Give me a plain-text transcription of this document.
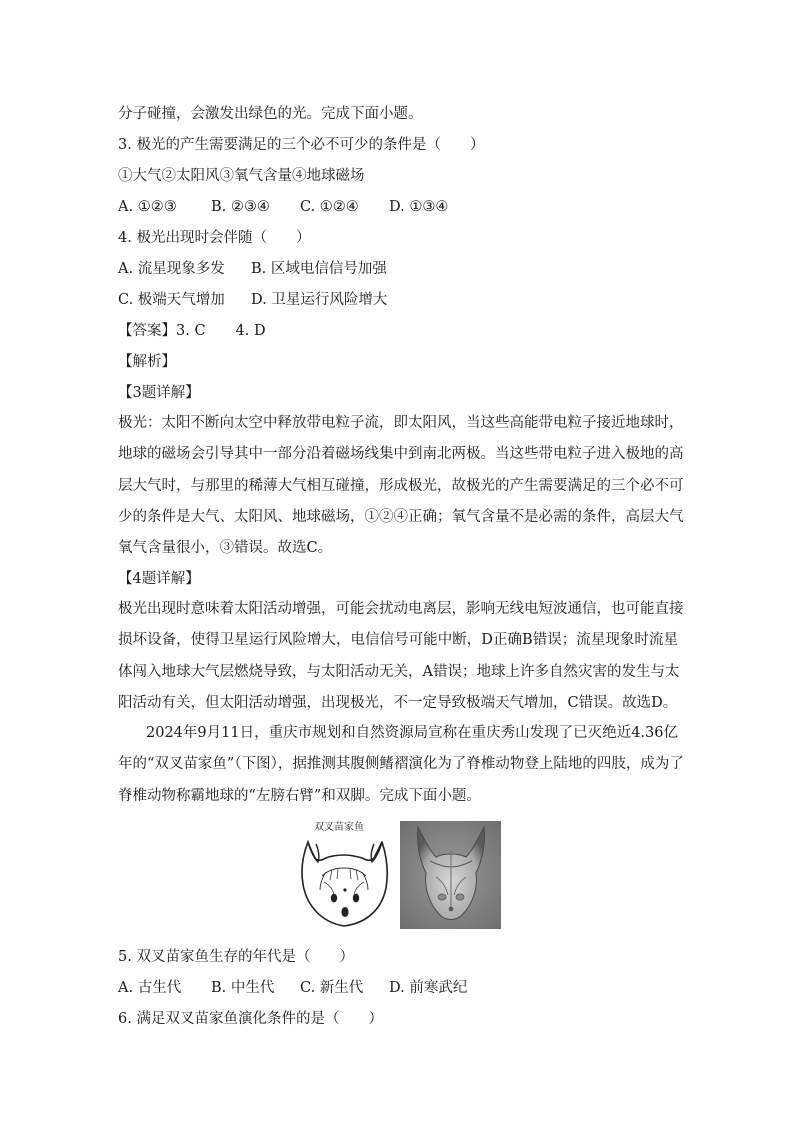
分子碰撞，会激发出绿色的光。完成下面小题。
3. 极光的产生需要满足的三个必不可少的条件是（　　）
①大气②太阳风③氧气含量④地球磁场
A. ①②③ B. ②③④ C. ①②④ D. ①③④
4. 极光出现时会伴随（　　）
A. 流星现象多发 B. 区域电信信号加强
C. 极端天气增加 D. 卫星运行风险增大
【答案】3. C 4. D
【解析】
【3题详解】
极光：太阳不断向太空中释放带电粒子流，即太阳风，当这些高能带电粒子接近地球时，
地球的磁场会引导其中一部分沿着磁场线集中到南北两极。当这些带电粒子进入极地的高
层大气时，与那里的稀薄大气相互碰撞，形成极光，故极光的产生需要满足的三个必不可
少的条件是大气、太阳风、地球磁场，①②④正确；氧气含量不是必需的条件，高层大气
氧气含量很小，③错误。故选C。
【4题详解】
极光出现时意味着太阳活动增强，可能会扰动电离层，影响无线电短波通信，也可能直接
损坏设备，使得卫星运行风险增大，电信信号可能中断，D正确B错误；流星现象时流星
体闯入地球大气层燃烧导致，与太阳活动无关，A错误；地球上许多自然灾害的发生与太
阳活动有关，但太阳活动增强，出现极光，不一定导致极端天气增加，C错误。故选D。
2024年9月11日，重庆市规划和自然资源局宣称在重庆秀山发现了已灭绝近4.36亿
年的“双叉苗家鱼”（下图），据推测其腹侧鳍褶演化为了脊椎动物登上陆地的四肢，成为了
脊椎动物称霸地球的“左膀右臂”和双脚。完成下面小题。
双叉苗家鱼
5. 双叉苗家鱼生存的年代是（　　）
A. 古生代 B. 中生代 C. 新生代 D. 前寒武纪
6. 满足双叉苗家鱼演化条件的是（　　）
